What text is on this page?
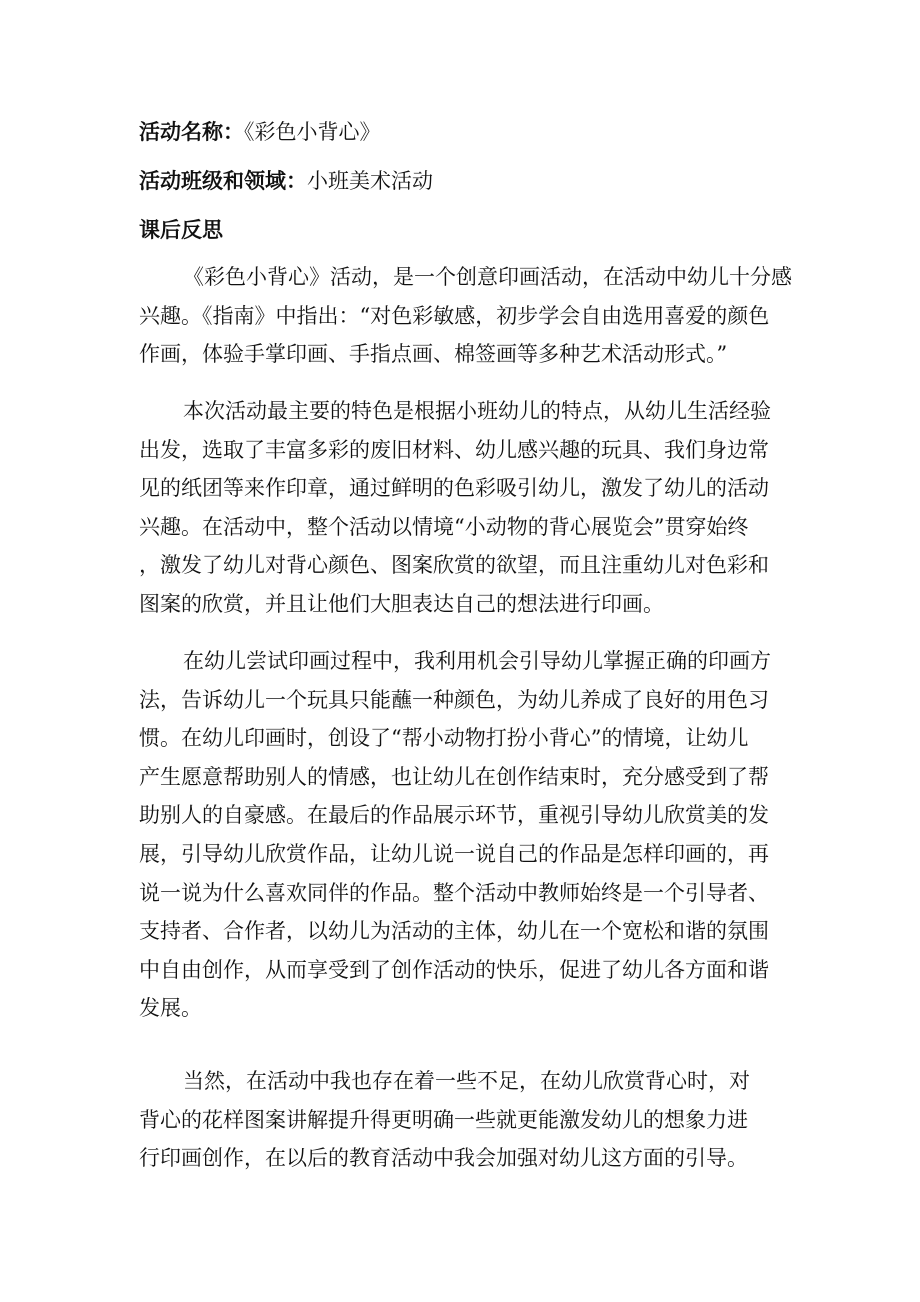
活动名称：《彩色小背心》
活动班级和领域：小班美术活动
课后反思
《彩色小背心》活动，是一个创意印画活动，在活动中幼儿十分感
兴趣。《指南》中指出：“对色彩敏感，初步学会自由选用喜爱的颜色
作画，体验手掌印画、手指点画、棉签画等多种艺术活动形式。”
本次活动最主要的特色是根据小班幼儿的特点，从幼儿生活经验
出发，选取了丰富多彩的废旧材料、幼儿感兴趣的玩具、我们身边常
见的纸团等来作印章，通过鲜明的色彩吸引幼儿，激发了幼儿的活动
兴趣。在活动中，整个活动以情境“小动物的背心展览会”贯穿始终
，激发了幼儿对背心颜色、图案欣赏的欲望，而且注重幼儿对色彩和
图案的欣赏，并且让他们大胆表达自己的想法进行印画。
在幼儿尝试印画过程中，我利用机会引导幼儿掌握正确的印画方
法，告诉幼儿一个玩具只能蘸一种颜色，为幼儿养成了良好的用色习
惯。在幼儿印画时，创设了“帮小动物打扮小背心”的情境，让幼儿
产生愿意帮助别人的情感，也让幼儿在创作结束时，充分感受到了帮
助别人的自豪感。在最后的作品展示环节，重视引导幼儿欣赏美的发
展，引导幼儿欣赏作品，让幼儿说一说自己的作品是怎样印画的，再
说一说为什么喜欢同伴的作品。整个活动中教师始终是一个引导者、
支持者、合作者，以幼儿为活动的主体，幼儿在一个宽松和谐的氛围
中自由创作，从而享受到了创作活动的快乐，促进了幼儿各方面和谐
发展。
当然，在活动中我也存在着一些不足，在幼儿欣赏背心时，对
背心的花样图案讲解提升得更明确一些就更能激发幼儿的想象力进
行印画创作，在以后的教育活动中我会加强对幼儿这方面的引导。
